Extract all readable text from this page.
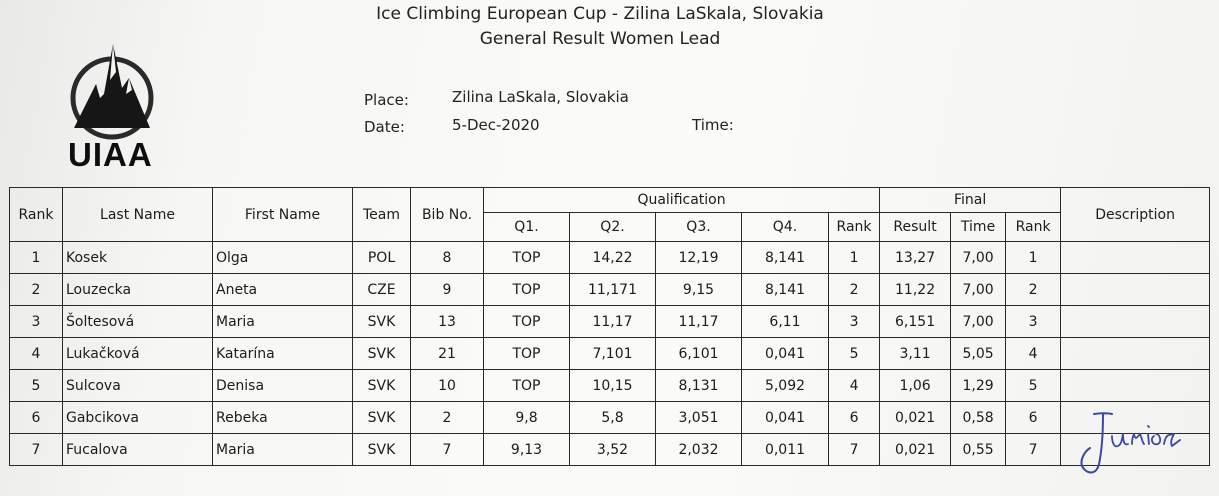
Ice Climbing European Cup - Zilina LaSkala, Slovakia
General Result Women Lead
UIAA
Place:	Zilina LaSkala, Slovakia
Date:	5-Dec-2020	Time:
Rank	Last Name	First Name	Team	Bib No.	Qualification					Final			Description
					Q1.	Q2.	Q3.	Q4.	Rank	Result	Time	Rank	
1	Kosek	Olga	POL	8	TOP	14,22	12,19	8,141	1	13,27	7,00	1	
2	Louzecka	Aneta	CZE	9	TOP	11,171	9,15	8,141	2	11,22	7,00	2	
3	Šoltesová	Maria	SVK	13	TOP	11,17	11,17	6,11	3	6,151	7,00	3	
4	Lukačková	Katarína	SVK	21	TOP	7,101	6,101	0,041	5	3,11	5,05	4	
5	Sulcova	Denisa	SVK	10	TOP	10,15	8,131	5,092	4	1,06	1,29	5	
6	Gabcikova	Rebeka	SVK	2	9,8	5,8	3,051	0,041	6	0,021	0,58	6	
7	Fucalova	Maria	SVK	7	9,13	3,52	2,032	0,011	7	0,021	0,55	7	
